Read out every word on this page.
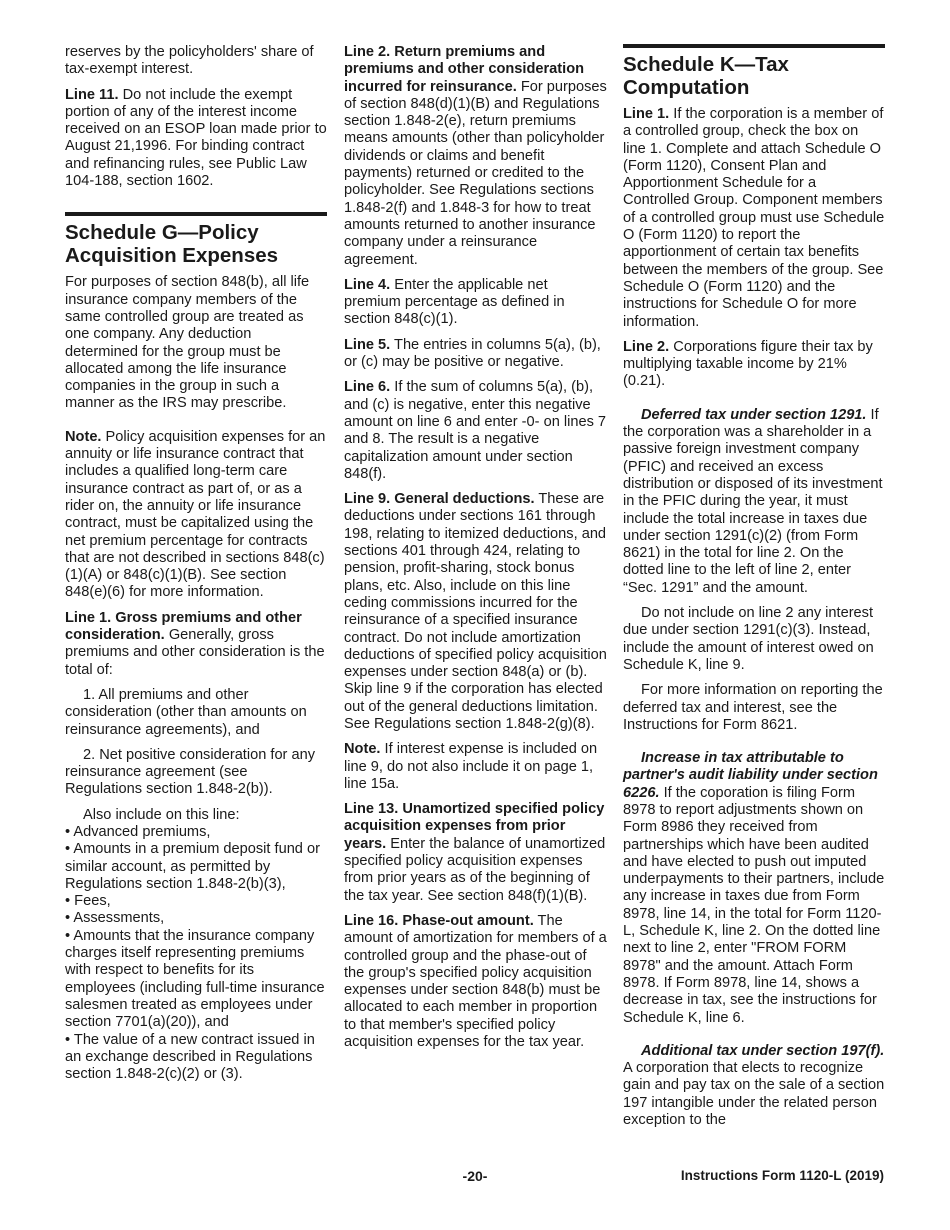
reserves by the policyholders' share of tax-exempt interest.

Line 11. Do not include the exempt portion of any of the interest income received on an ESOP loan made prior to August 21,1996. For binding contract and refinancing rules, see Public Law 104-188, section 1602.

Schedule G—Policy Acquisition Expenses

For purposes of section 848(b), all life insurance company members of the same controlled group are treated as one company. Any deduction determined for the group must be allocated among the life insurance companies in the group in such a manner as the IRS may prescribe.

Note. Policy acquisition expenses for an annuity or life insurance contract that includes a qualified long-term care insurance contract as part of, or as a rider on, the annuity or life insurance contract, must be capitalized using the net premium percentage for contracts that are not described in sections 848(c)(1)(A) or 848(c)(1)(B). See section 848(e)(6) for more information.

Line 1. Gross premiums and other consideration. Generally, gross premiums and other consideration is the total of:

1. All premiums and other consideration (other than amounts on reinsurance agreements), and

2. Net positive consideration for any reinsurance agreement (see Regulations section 1.848-2(b)).

Also include on this line:

• Advanced premiums,

• Amounts in a premium deposit fund or similar account, as permitted by Regulations section 1.848-2(b)(3),

• Fees,

• Assessments,

• Amounts that the insurance company charges itself representing premiums with respect to benefits for its employees (including full-time insurance salesmen treated as employees under section 7701(a)(20)), and

• The value of a new contract issued in an exchange described in Regulations section 1.848-2(c)(2) or (3).

Line 2. Return premiums and premiums and other consideration incurred for reinsurance. For purposes of section 848(d)(1)(B) and Regulations section 1.848-2(e), return premiums means amounts (other than policyholder dividends or claims and benefit payments) returned or credited to the policyholder. See Regulations sections 1.848-2(f) and 1.848-3 for how to treat amounts returned to another insurance company under a reinsurance agreement.

Line 4. Enter the applicable net premium percentage as defined in section 848(c)(1).

Line 5. The entries in columns 5(a), (b), or (c) may be positive or negative.

Line 6. If the sum of columns 5(a), (b), and (c) is negative, enter this negative amount on line 6 and enter -0- on lines 7 and 8. The result is a negative capitalization amount under section 848(f).

Line 9. General deductions. These are deductions under sections 161 through 198, relating to itemized deductions, and sections 401 through 424, relating to pension, profit-sharing, stock bonus plans, etc. Also, include on this line ceding commissions incurred for the reinsurance of a specified insurance contract. Do not include amortization deductions of specified policy acquisition expenses under section 848(a) or (b). Skip line 9 if the corporation has elected out of the general deductions limitation. See Regulations section 1.848-2(g)(8).

Note. If interest expense is included on line 9, do not also include it on page 1, line 15a.

Line 13. Unamortized specified policy acquisition expenses from prior years. Enter the balance of unamortized specified policy acquisition expenses from prior years as of the beginning of the tax year. See section 848(f)(1)(B).

Line 16. Phase-out amount. The amount of amortization for members of a controlled group and the phase-out of the group's specified policy acquisition expenses under section 848(b) must be allocated to each member in proportion to that member's specified policy acquisition expenses for the tax year.

Schedule K—Tax Computation

Line 1. If the corporation is a member of a controlled group, check the box on line 1. Complete and attach Schedule O (Form 1120), Consent Plan and Apportionment Schedule for a Controlled Group. Component members of a controlled group must use Schedule O (Form 1120) to report the apportionment of certain tax benefits between the members of the group. See Schedule O (Form 1120) and the instructions for Schedule O for more information.

Line 2. Corporations figure their tax by multiplying taxable income by 21% (0.21).

Deferred tax under section 1291. If the corporation was a shareholder in a passive foreign investment company (PFIC) and received an excess distribution or disposed of its investment in the PFIC during the year, it must include the total increase in taxes due under section 1291(c)(2) (from Form 8621) in the total for line 2. On the dotted line to the left of line 2, enter “Sec. 1291” and the amount.

Do not include on line 2 any interest due under section 1291(c)(3). Instead, include the amount of interest owed on Schedule K, line 9.

For more information on reporting the deferred tax and interest, see the Instructions for Form 8621.

Increase in tax attributable to partner's audit liability under section 6226. If the coporation is filing Form 8978 to report adjustments shown on Form 8986 they received from partnerships which have been audited and have elected to push out imputed underpayments to their partners, include any increase in taxes due from Form 8978, line 14, in the total for Form 1120-L, Schedule K, line 2. On the dotted line next to line 2, enter "FROM FORM 8978" and the amount. Attach Form 8978. If Form 8978, line 14, shows a decrease in tax, see the instructions for Schedule K, line 6.

Additional tax under section 197(f). A corporation that elects to recognize gain and pay tax on the sale of a section 197 intangible under the related person exception to the

-20-	Instructions Form 1120-L (2019)
